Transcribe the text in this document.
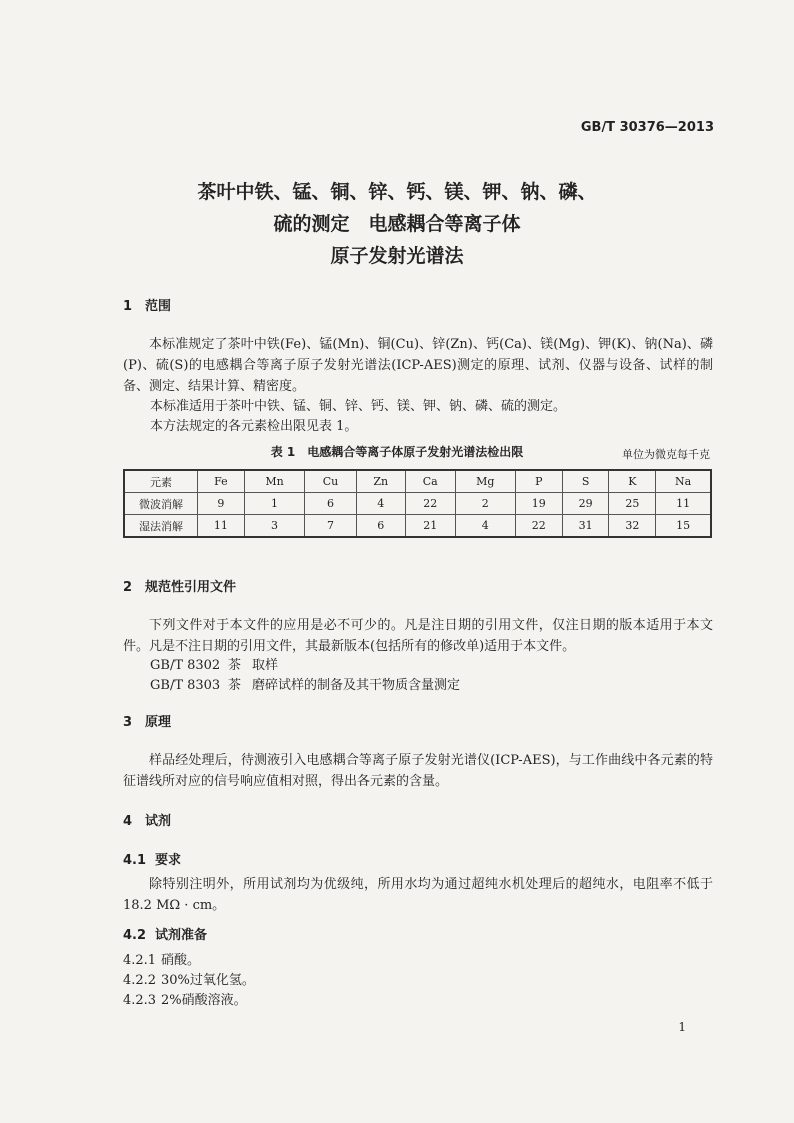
GB/T 30376—2013
茶叶中铁、锰、铜、锌、钙、镁、钾、钠、磷、
硫的测定　电感耦合等离子体
原子发射光谱法
1 范围
本标准规定了茶叶中铁(Fe)、锰(Mn)、铜(Cu)、锌(Zn)、钙(Ca)、镁(Mg)、钾(K)、钠(Na)、磷(P)、硫(S)的电感耦合等离子原子发射光谱法(ICP-AES)测定的原理、试剂、仪器与设备、试样的制备、测定、结果计算、精密度。
本标准适用于茶叶中铁、锰、铜、锌、钙、镁、钾、钠、磷、硫的测定。
本方法规定的各元素检出限见表 1。
表 1　电感耦合等离子体原子发射光谱法检出限	单位为微克每千克
元素	Fe	Mn	Cu	Zn	Ca	Mg	P	S	K	Na
微波消解	9	1	6	4	22	2	19	29	25	11
湿法消解	11	3	7	6	21	4	22	31	32	15
2 规范性引用文件
下列文件对于本文件的应用是必不可少的。凡是注日期的引用文件，仅注日期的版本适用于本文件。凡是不注日期的引用文件，其最新版本(包括所有的修改单)适用于本文件。
GB/T 8302 茶 取样
GB/T 8303 茶 磨碎试样的制备及其干物质含量测定
3 原理
样品经处理后，待测液引入电感耦合等离子原子发射光谱仪(ICP-AES)，与工作曲线中各元素的特征谱线所对应的信号响应值相对照，得出各元素的含量。
4 试剂
4.1 要求
除特别注明外，所用试剂均为优级纯，所用水均为通过超纯水机处理后的超纯水，电阻率不低于 18.2 MΩ · cm。
4.2 试剂准备
4.2.1 硝酸。
4.2.2 30%过氧化氢。
4.2.3 2%硝酸溶液。
1
